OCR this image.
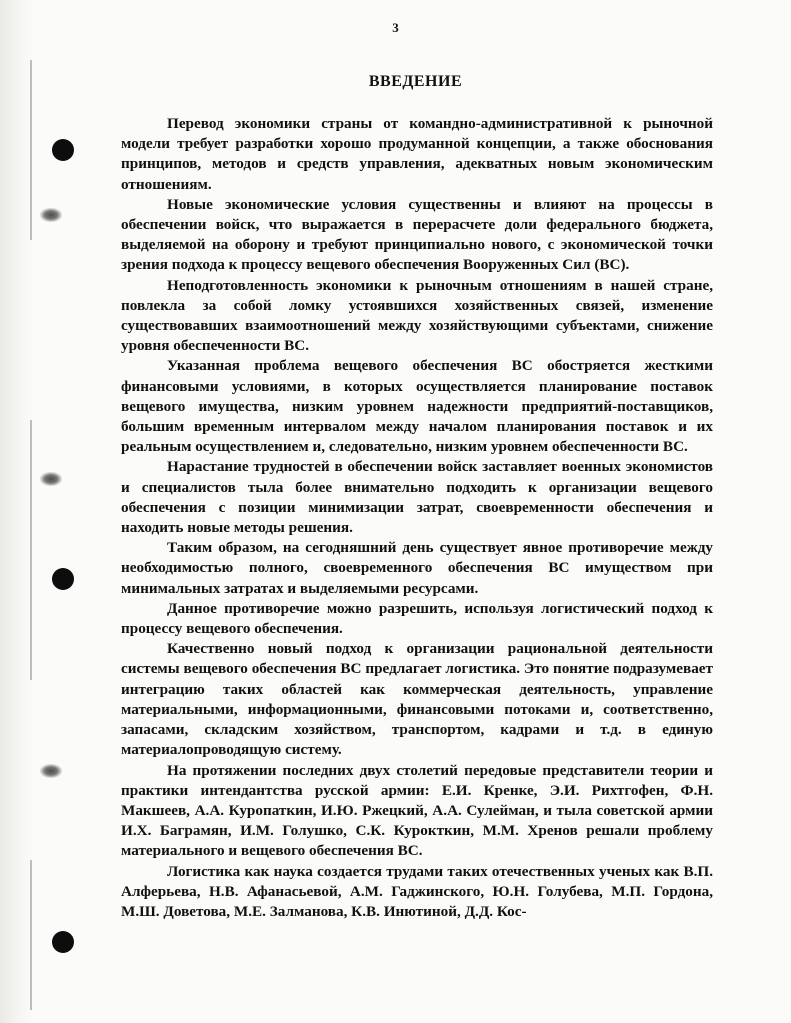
3
ВВЕДЕНИЕ

Перевод экономики страны от командно-административной к рыночной модели требует разработки хорошо продуманной концепции, а также обоснования принципов, методов и средств управления, адекватных новым экономическим отношениям.

Новые экономические условия существенны и влияют на процессы в обеспечении войск, что выражается в перерасчете доли федерального бюджета, выделяемой на оборону и требуют принципиально нового, с экономической точки зрения подхода к процессу вещевого обеспечения Вооруженных Сил (ВС).

Неподготовленность экономики к рыночным отношениям в нашей стране, повлекла за собой ломку устоявшихся хозяйственных связей, изменение существовавших взаимоотношений между хозяйствующими субъектами, снижение уровня обеспеченности ВС.

Указанная проблема вещевого обеспечения ВС обостряется жесткими финансовыми условиями, в которых осуществляется планирование поставок вещевого имущества, низким уровнем надежности предприятий-поставщиков, большим временным интервалом между началом планирования поставок и их реальным осуществлением и, следовательно, низким уровнем обеспеченности ВС.

Нарастание трудностей в обеспечении войск заставляет военных экономистов и специалистов тыла более внимательно подходить к организации вещевого обеспечения с позиции минимизации затрат, своевременности обеспечения и находить новые методы решения.

Таким образом, на сегодняшний день существует явное противоречие между необходимостью полного, своевременного обеспечения ВС имуществом при минимальных затратах и выделяемыми ресурсами.

Данное противоречие можно разрешить, используя логистический подход к процессу вещевого обеспечения.

Качественно новый подход к организации рациональной деятельности системы вещевого обеспечения ВС предлагает логистика. Это понятие подразумевает интеграцию таких областей как коммерческая деятельность, управление материальными, информационными, финансовыми потоками и, соответственно, запасами, складским хозяйством, транспортом, кадрами и т.д. в единую материалопроводящую систему.

На протяжении последних двух столетий передовые представители теории и практики интендантства русской армии: Е.И. Кренке, Э.И. Рихтгофен, Ф.Н. Макшеев, А.А. Куропаткин, И.Ю. Ржецкий, А.А. Сулейман, и тыла советской армии И.Х. Баграмян, И.М. Голушко, С.К. Курокткин, М.М. Хренов решали проблему материального и вещевого обеспечения ВС.

Логистика как наука создается трудами таких отечественных ученых как В.П. Алферьева, Н.В. Афанасьевой, А.М. Гаджинского, Ю.Н. Голубева, М.П. Гордона, М.Ш. Доветова, М.Е. Залманова, К.В. Инютиной, Д.Д. Кос-
